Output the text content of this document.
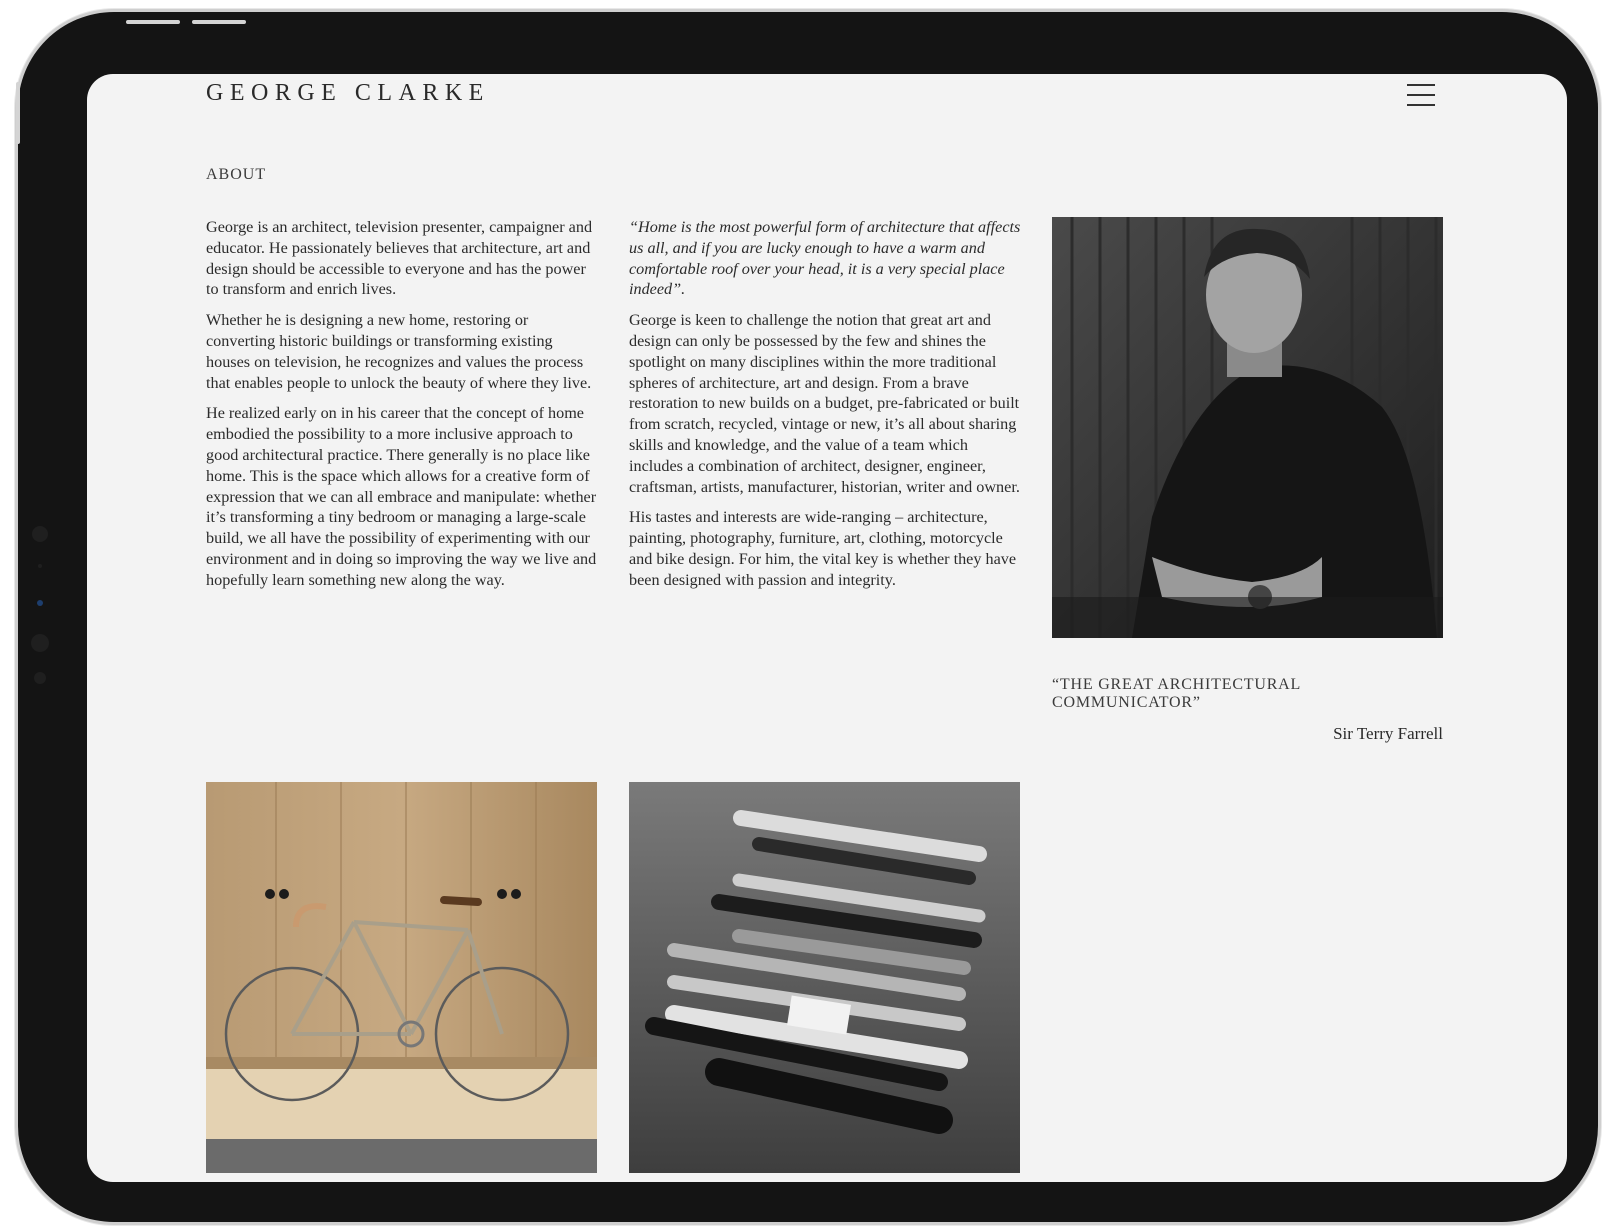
GEORGE CLARKE
ABOUT

George is an architect, television presenter, campaigner and educator. He passionately believes that architecture, art and design should be accessible to everyone and has the power to transform and enrich lives.

Whether he is designing a new home, restoring or converting historic buildings or transforming existing houses on television, he recognizes and values the process that enables people to unlock the beauty of where they live.

He realized early on in his career that the concept of home embodied the possibility to a more inclusive approach to good architectural practice. There generally is no place like home. This is the space which allows for a creative form of expression that we can all embrace and manipulate: whether it’s transforming a tiny bedroom or managing a large-scale build, we all have the possibility of experimenting with our environment and in doing so improving the way we live and hopefully learn something new along the way.

“Home is the most powerful form of architecture that affects us all, and if you are lucky enough to have a warm and comfortable roof over your head, it is a very special place indeed”.

George is keen to challenge the notion that great art and design can only be possessed by the few and shines the spotlight on many disciplines within the more traditional spheres of architecture, art and design. From a brave restoration to new builds on a budget, pre-fabricated or built from scratch, recycled, vintage or new, it’s all about sharing skills and knowledge, and the value of a team which includes a combination of architect, designer, engineer, craftsman, artists, manufacturer, historian, writer and owner.

His tastes and interests are wide-ranging – architecture, painting, photography, furniture, art, clothing, motorcycle and bike design. For him, the vital key is whether they have been designed with passion and integrity.

“THE GREAT ARCHITECTURAL COMMUNICATOR”
Sir Terry Farrell
